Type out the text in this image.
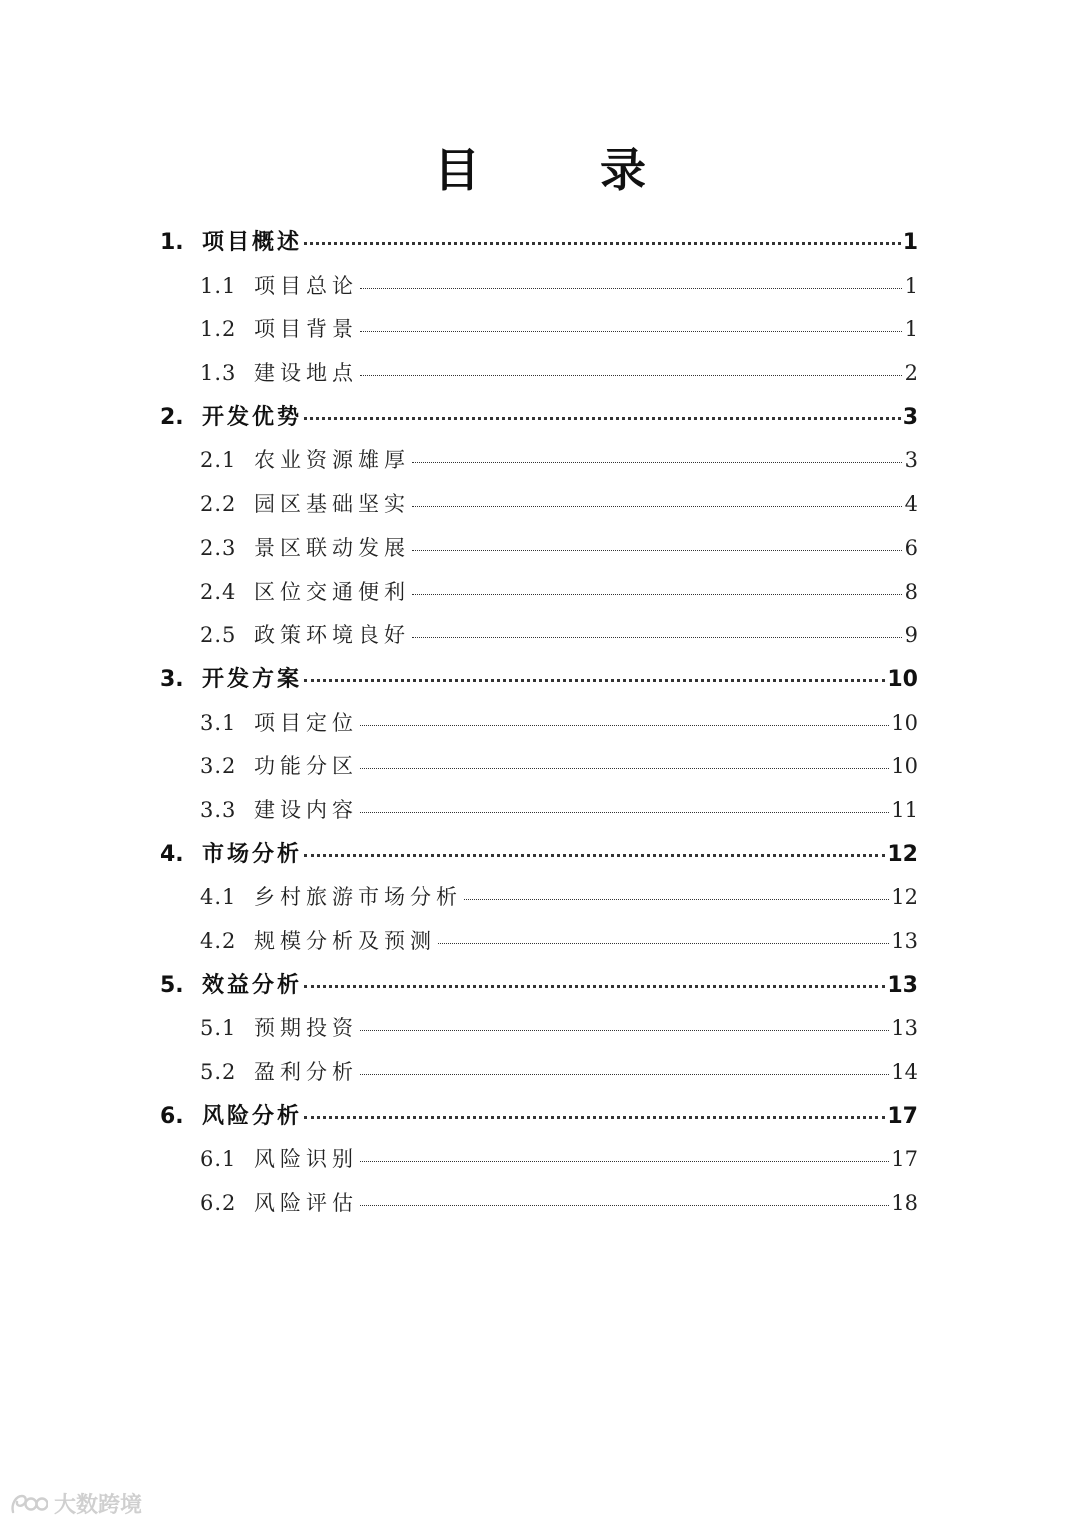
目 录
1. 项目概述	1
1.1 项目总论	1
1.2 项目背景	1
1.3 建设地点	2
2. 开发优势	3
2.1 农业资源雄厚	3
2.2 园区基础坚实	4
2.3 景区联动发展	6
2.4 区位交通便利	8
2.5 政策环境良好	9
3. 开发方案	10
3.1 项目定位	10
3.2 功能分区	10
3.3 建设内容	11
4. 市场分析	12
4.1 乡村旅游市场分析	12
4.2 规模分析及预测	13
5. 效益分析	13
5.1 预期投资	13
5.2 盈利分析	14
6. 风险分析	17
6.1 风险识别	17
6.2 风险评估	18
大数跨境
